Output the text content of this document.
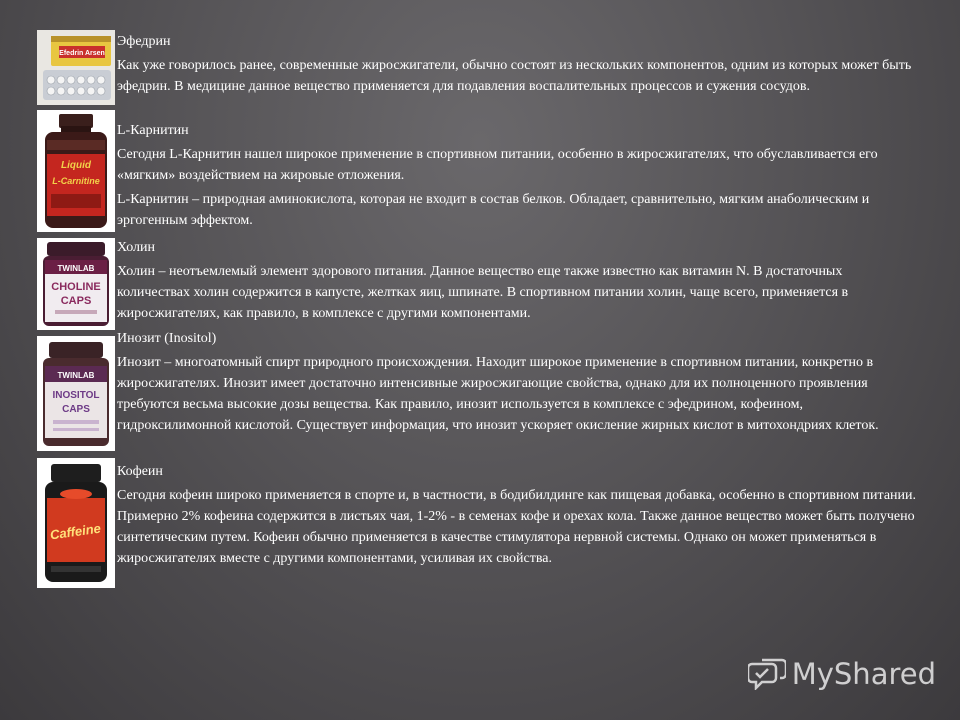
Efedrin Arsen
Liquid
L-Carnitine
TWINLAB
CHOLINE
CAPS
TWINLAB
INOSITOL
CAPS
Caffeine
Эфедрин

Как уже говорилось ранее, современные жиросжигатели, обычно состоят из нескольких компонентов, одним из которых может быть эфедрин. В медицине данное вещество применяется для подавления воспалительных процессов и сужения сосудов.

L-Карнитин

Сегодня L-Карнитин нашел широкое применение в спортивном питании, особенно в жиросжигателях, что обуславливается его «мягким» воздействием на жировые отложения.

L-Карнитин – природная аминокислота, которая не входит в состав белков. Обладает, сравнительно, мягким анаболическим и эргогенным эффектом.

Холин

Холин – неотъемлемый элемент здорового питания. Данное вещество еще также известно как витамин N. В достаточных количествах холин содержится в капусте, желтках яиц, шпинате. В спортивном питании холин, чаще всего, применяется в жиросжигателях, как правило, в комплексе с другими компонентами.

Инозит (Inositol)

Инозит – многоатомный спирт природного происхождения. Находит широкое применение в спортивном питании, конкретно в жиросжигателях. Инозит имеет достаточно интенсивные жиросжигающие свойства, однако для их полноценного проявления требуются весьма высокие дозы вещества. Как правило, инозит используется в комплексе с эфедрином, кофеином, гидроксилимонной кислотой. Существует информация, что инозит ускоряет окисление жирных кислот в митохондриях клеток.

Кофеин

Сегодня кофеин широко применяется в спорте и, в частности, в бодибилдинге как пищевая добавка, особенно в спортивном питании. Примерно 2% кофеина содержится в листьях чая, 1-2% - в семенах кофе и орехах кола. Также данное вещество может быть получено синтетическим путем. Кофеин обычно применяется в качестве стимулятора нервной системы. Однако он может применяться в жиросжигателях вместе с другими компонентами, усиливая их свойства.

MyShared
